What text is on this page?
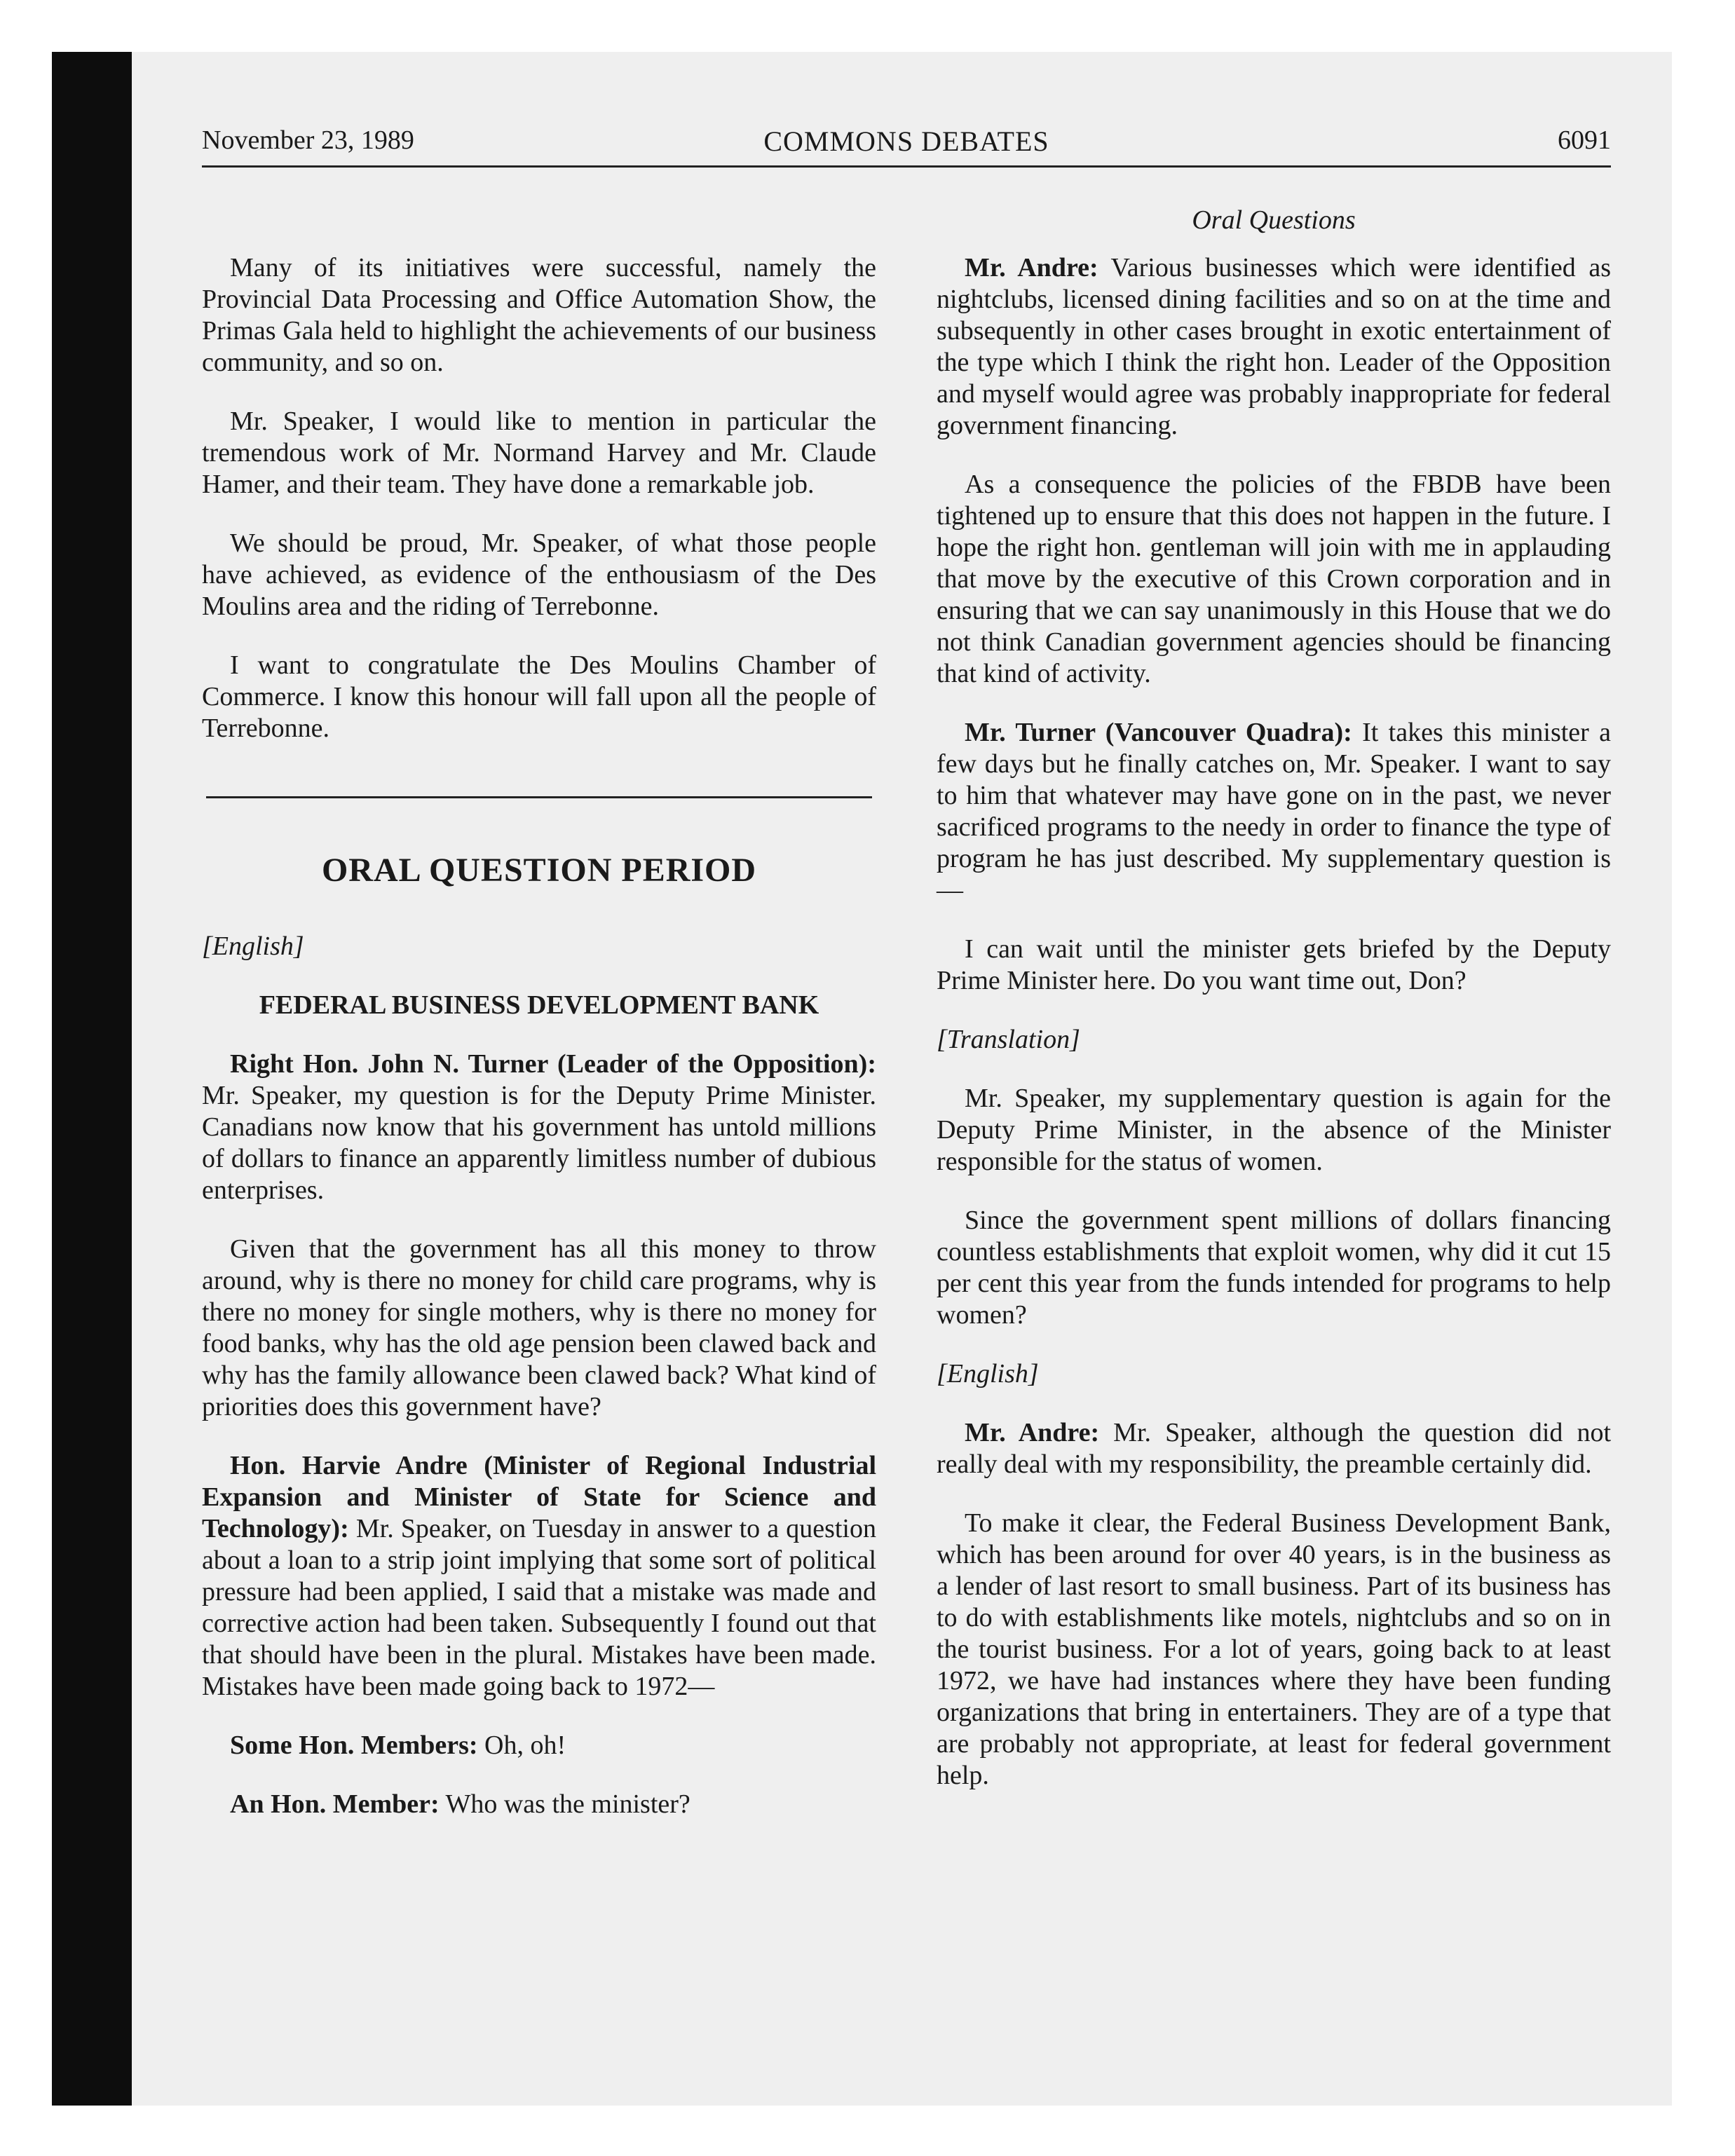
November 23, 1989	COMMONS DEBATES	6091
Oral Questions

Many of its initiatives were successful, namely the Provincial Data Processing and Office Automation Show, the Primas Gala held to highlight the achievements of our business community, and so on.

Mr. Speaker, I would like to mention in particular the tremendous work of Mr. Normand Harvey and Mr. Claude Hamer, and their team. They have done a remarkable job.

We should be proud, Mr. Speaker, of what those people have achieved, as evidence of the enthousiasm of the Des Moulins area and the riding of Terrebonne.

I want to congratulate the Des Moulins Chamber of Commerce. I know this honour will fall upon all the people of Terrebonne.

ORAL QUESTION PERIOD
[English]
FEDERAL BUSINESS DEVELOPMENT BANK

Right Hon. John N. Turner (Leader of the Opposition): Mr. Speaker, my question is for the Deputy Prime Minister. Canadians now know that his government has untold millions of dollars to finance an apparently limitless number of dubious enterprises.

Given that the government has all this money to throw around, why is there no money for child care programs, why is there no money for single mothers, why is there no money for food banks, why has the old age pension been clawed back and why has the family allowance been clawed back? What kind of priorities does this government have?

Hon. Harvie Andre (Minister of Regional Industrial Expansion and Minister of State for Science and Technology): Mr. Speaker, on Tuesday in answer to a question about a loan to a strip joint implying that some sort of political pressure had been applied, I said that a mistake was made and corrective action had been taken. Subsequently I found out that that should have been in the plural. Mistakes have been made. Mistakes have been made going back to 1972—

Some Hon. Members: Oh, oh!

An Hon. Member: Who was the minister?

Mr. Andre: Various businesses which were identified as nightclubs, licensed dining facilities and so on at the time and subsequently in other cases brought in exotic entertainment of the type which I think the right hon. Leader of the Opposition and myself would agree was probably inappropriate for federal government financing.

As a consequence the policies of the FBDB have been tightened up to ensure that this does not happen in the future. I hope the right hon. gentleman will join with me in applauding that move by the executive of this Crown corporation and in ensuring that we can say unanimously in this House that we do not think Canadian government agencies should be financing that kind of activity.

Mr. Turner (Vancouver Quadra): It takes this minister a few days but he finally catches on, Mr. Speaker. I want to say to him that whatever may have gone on in the past, we never sacrificed programs to the needy in order to finance the type of program he has just described. My supplementary question is—

I can wait until the minister gets briefed by the Deputy Prime Minister here. Do you want time out, Don?

[Translation]

Mr. Speaker, my supplementary question is again for the Deputy Prime Minister, in the absence of the Minister responsible for the status of women.

Since the government spent millions of dollars financing countless establishments that exploit women, why did it cut 15 per cent this year from the funds intended for programs to help women?

[English]

Mr. Andre: Mr. Speaker, although the question did not really deal with my responsibility, the preamble certainly did.

To make it clear, the Federal Business Development Bank, which has been around for over 40 years, is in the business as a lender of last resort to small business. Part of its business has to do with establishments like motels, nightclubs and so on in the tourist business. For a lot of years, going back to at least 1972, we have had instances where they have been funding organizations that bring in entertainers. They are of a type that are probably not appropriate, at least for federal government help.
